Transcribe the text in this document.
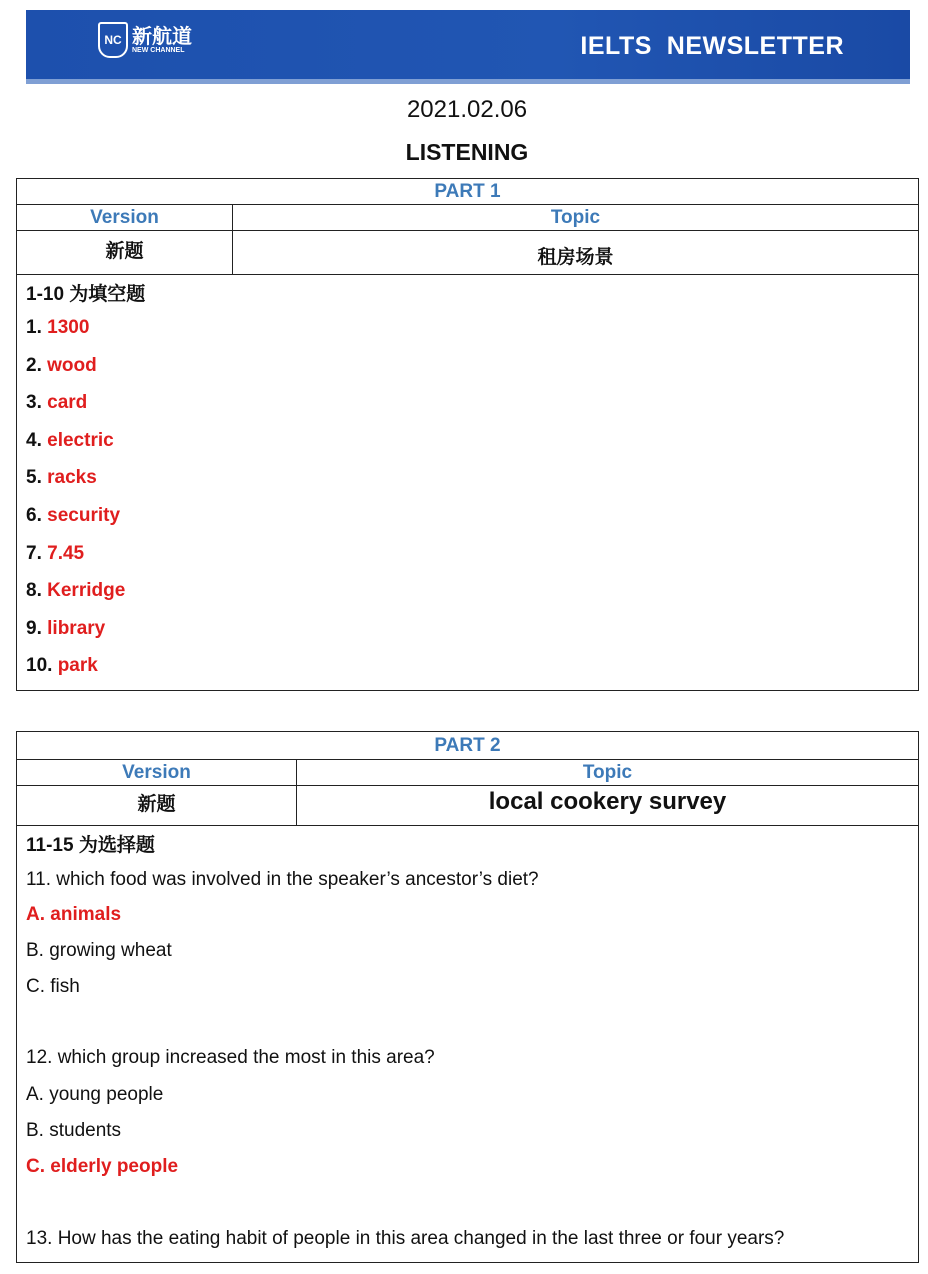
NC 新航道
NEW CHANNEL	IELTS  NEWSLETTER
2021.02.06
LISTENING
PART 1
Version	Topic
新题	租房场景
1-10 为填空题
1. 1300
2. wood
3. card
4. electric
5. racks
6. security
7. 7.45
8. Kerridge
9. library
10. park
PART 2
Version	Topic
新题	local cookery survey
11-15 为选择题
11. which food was involved in the speaker’s ancestor’s diet?
A. animals
B. growing wheat
C. fish
12. which group increased the most in this area?
A. young people
B. students
C. elderly people
13. How has the eating habit of people in this area changed in the last three or four years?
